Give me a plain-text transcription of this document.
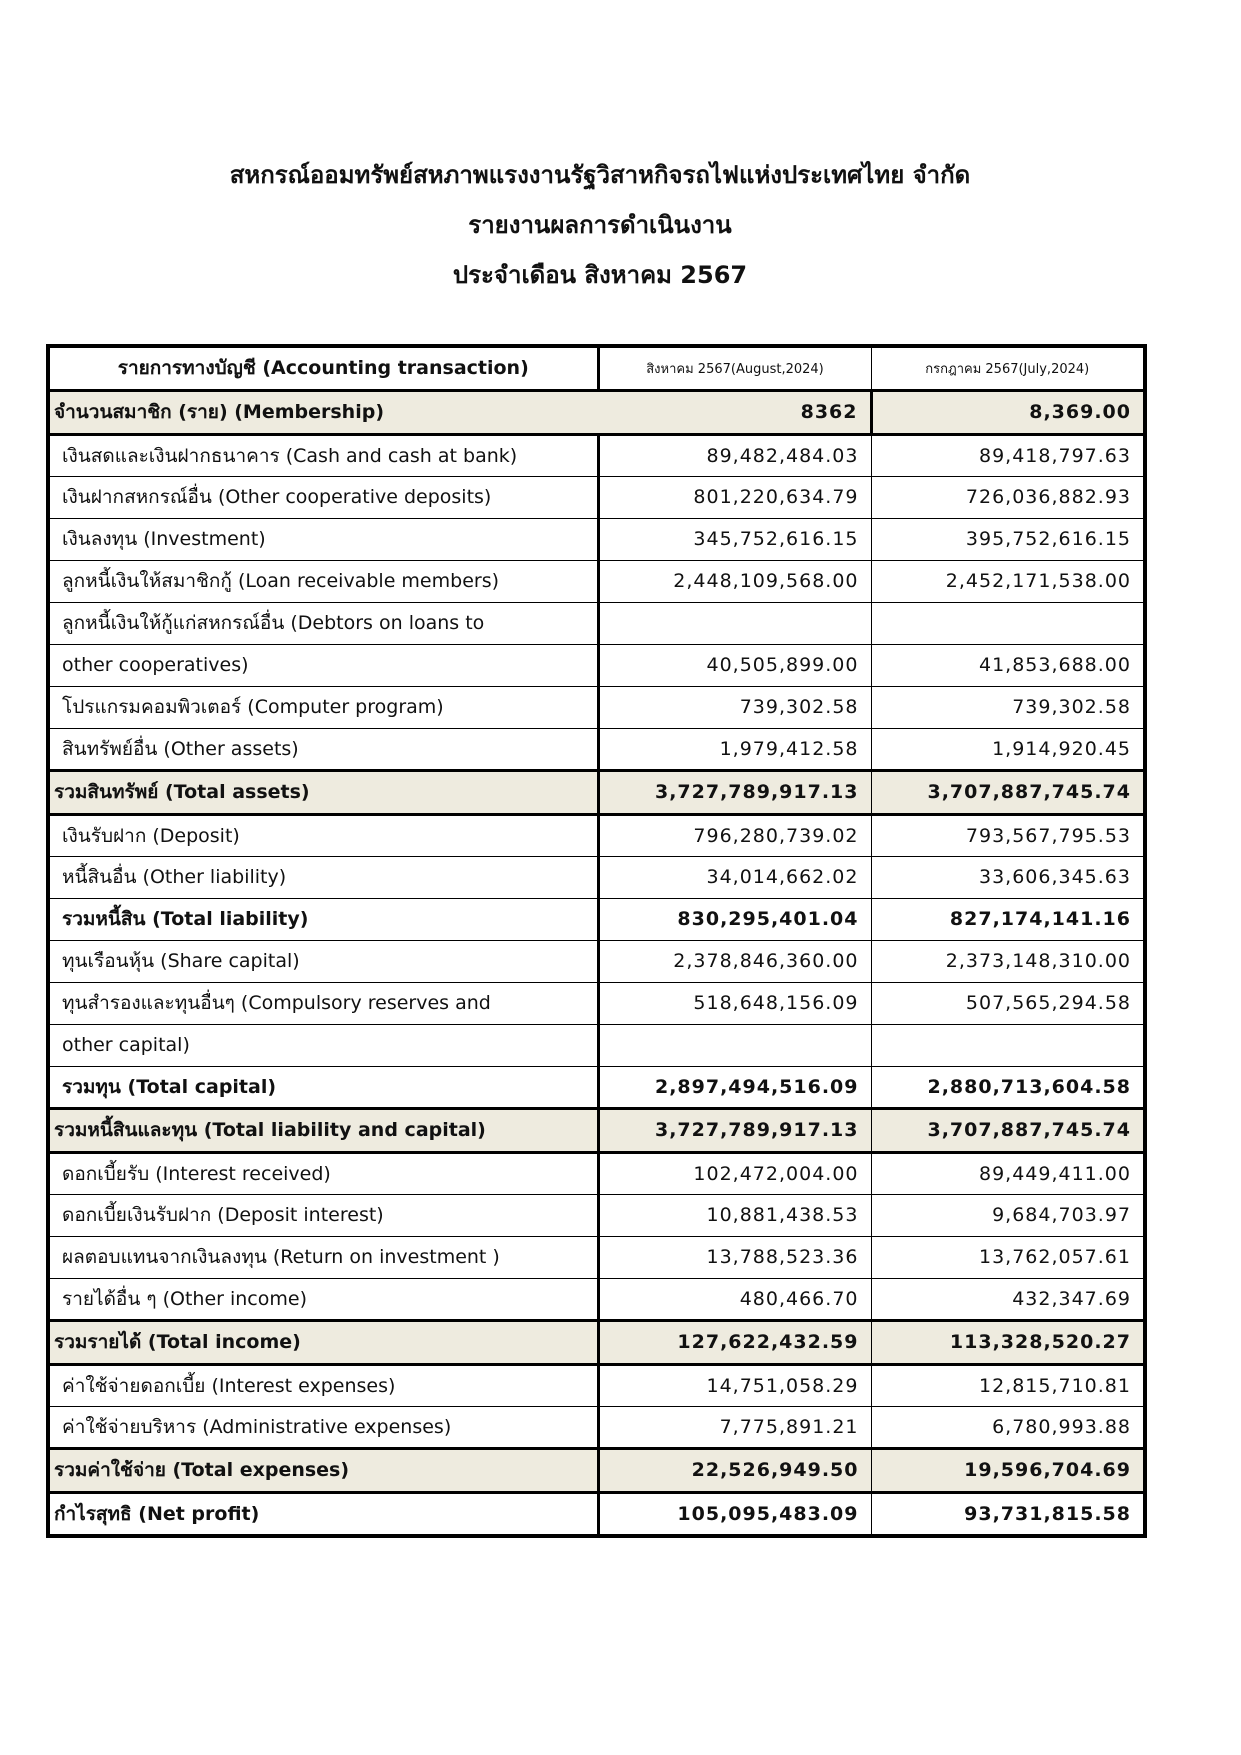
สหกรณ์ออมทรัพย์สหภาพแรงงานรัฐวิสาหกิจรถไฟแห่งประเทศไทย จำกัด
รายงานผลการดำเนินงาน
ประจำเดือน สิงหาคม 2567
รายการทางบัญชี (Accounting transaction)	สิงหาคม 2567(August,2024)	กรกฎาคม 2567(July,2024)
จำนวนสมาชิก (ราย) (Membership)	8362	8,369.00
เงินสดและเงินฝากธนาคาร (Cash and cash at bank)	89,482,484.03	89,418,797.63
เงินฝากสหกรณ์อื่น (Other cooperative deposits)	801,220,634.79	726,036,882.93
เงินลงทุน (Investment)	345,752,616.15	395,752,616.15
ลูกหนี้เงินให้สมาชิกกู้ (Loan receivable members)	2,448,109,568.00	2,452,171,538.00
ลูกหนี้เงินให้กู้แก่สหกรณ์อื่น (Debtors on loans to		
other cooperatives)	40,505,899.00	41,853,688.00
โปรแกรมคอมพิวเตอร์ (Computer program)	739,302.58	739,302.58
สินทรัพย์อื่น (Other assets)	1,979,412.58	1,914,920.45
รวมสินทรัพย์ (Total assets)	3,727,789,917.13	3,707,887,745.74
เงินรับฝาก (Deposit)	796,280,739.02	793,567,795.53
หนี้สินอื่น (Other liability)	34,014,662.02	33,606,345.63
รวมหนี้สิน (Total liability)	830,295,401.04	827,174,141.16
ทุนเรือนหุ้น (Share capital)	2,378,846,360.00	2,373,148,310.00
ทุนสำรองและทุนอื่นๆ (Compulsory reserves and	518,648,156.09	507,565,294.58
other capital)		
รวมทุน (Total capital)	2,897,494,516.09	2,880,713,604.58
รวมหนี้สินและทุน (Total liability and capital)	3,727,789,917.13	3,707,887,745.74
ดอกเบี้ยรับ (Interest received)	102,472,004.00	89,449,411.00
ดอกเบี้ยเงินรับฝาก (Deposit interest)	10,881,438.53	9,684,703.97
ผลตอบแทนจากเงินลงทุน (Return on investment )	13,788,523.36	13,762,057.61
รายได้อื่น ๆ (Other income)	480,466.70	432,347.69
รวมรายได้ (Total income)	127,622,432.59	113,328,520.27
ค่าใช้จ่ายดอกเบี้ย (Interest expenses)	14,751,058.29	12,815,710.81
ค่าใช้จ่ายบริหาร (Administrative expenses)	7,775,891.21	6,780,993.88
รวมค่าใช้จ่าย (Total expenses)	22,526,949.50	19,596,704.69
กำไรสุทธิ (Net profit)	105,095,483.09	93,731,815.58
